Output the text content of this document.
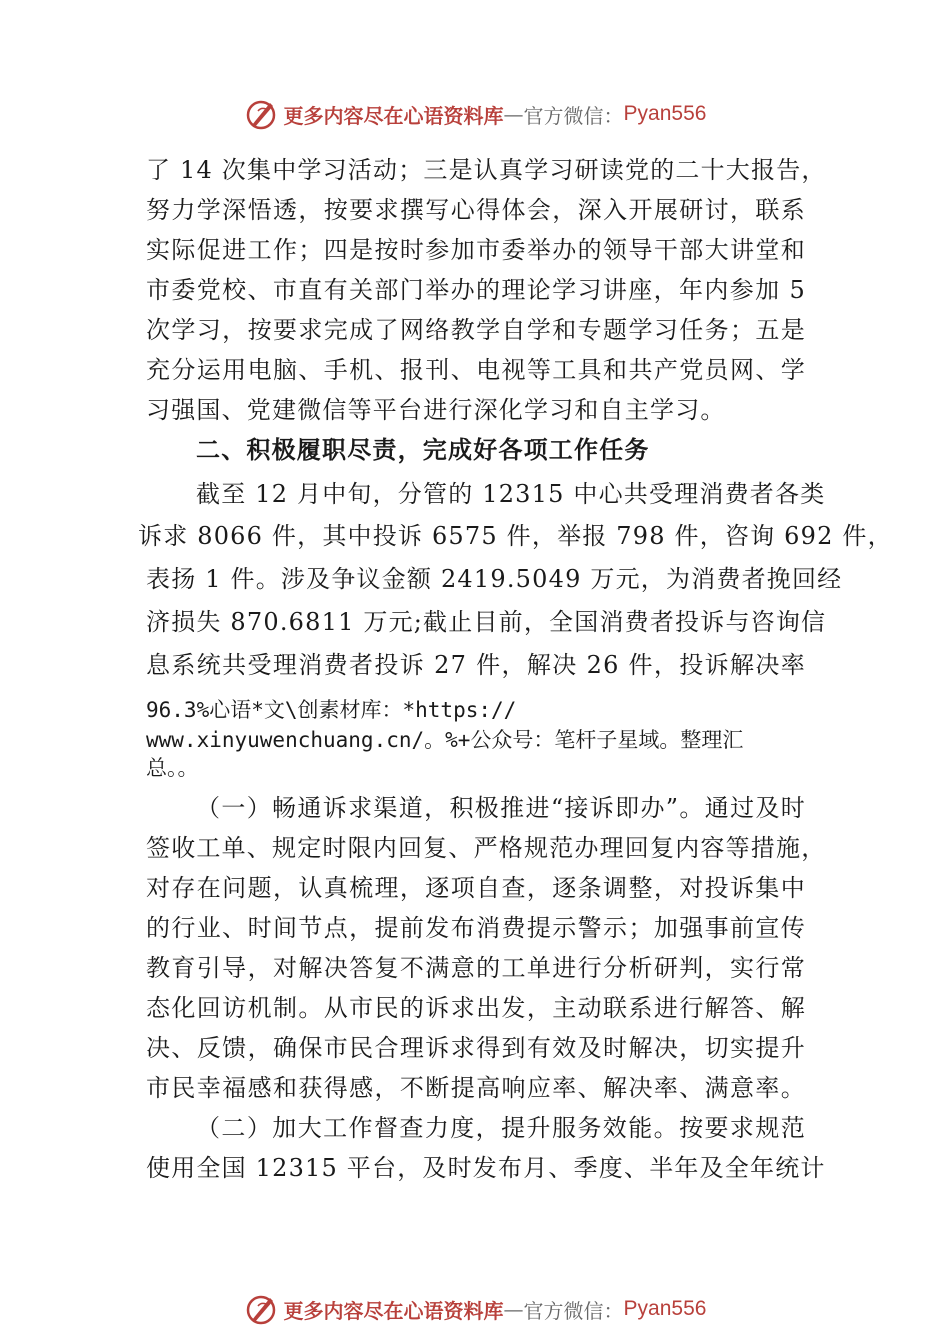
更多内容尽在心语资料库 — 官方微信： Pyan556
了 14 次集中学习活动；三是认真学习研读党的二十大报告，
努力学深悟透，按要求撰写心得体会，深入开展研讨，联系
实际促进工作；四是按时参加市委举办的领导干部大讲堂和
市委党校、市直有关部门举办的理论学习讲座，年内参加 5
次学习，按要求完成了网络教学自学和专题学习任务；五是
充分运用电脑、手机、报刊、电视等工具和共产党员网、学
习强国、党建微信等平台进行深化学习和自主学习。
二、积极履职尽责，完成好各项工作任务
截至 12 月中旬，分管的 12315 中心共受理消费者各类
诉求 8066 件，其中投诉 6575 件，举报 798 件，咨询 692 件，
表扬 1 件。涉及争议金额 2419.5049 万元，为消费者挽回经
济损失 870.6811 万元;截止目前，全国消费者投诉与咨询信
息系统共受理消费者投诉 27 件，解决 26 件，投诉解决率
96.3%心语*文\创素材库：*https://
www.xinyuwenchuang.cn/。%+公众号：笔杆子星域。整理汇
总。。
（一）畅通诉求渠道，积极推进“接诉即办”。通过及时
签收工单、规定时限内回复、严格规范办理回复内容等措施，
对存在问题，认真梳理，逐项自查，逐条调整，对投诉集中
的行业、时间节点，提前发布消费提示警示；加强事前宣传
教育引导，对解决答复不满意的工单进行分析研判，实行常
态化回访机制。从市民的诉求出发，主动联系进行解答、解
决、反馈，确保市民合理诉求得到有效及时解决，切实提升
市民幸福感和获得感，不断提高响应率、解决率、满意率。
（二）加大工作督查力度，提升服务效能。按要求规范
使用全国 12315 平台，及时发布月、季度、半年及全年统计
更多内容尽在心语资料库 — 官方微信： Pyan556
